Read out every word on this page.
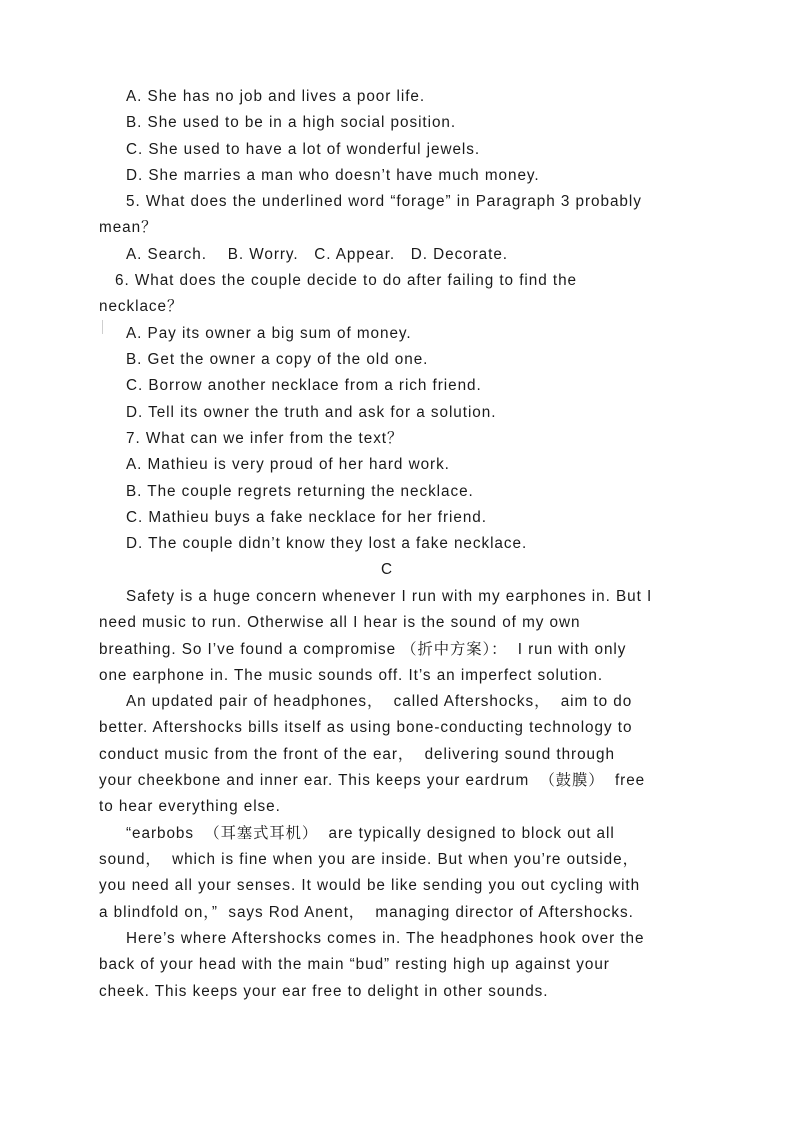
A. She has no job and lives a poor life.
B. She used to be in a high social position.
C. She used to have a lot of wonderful jewels.
D. She marries a man who doesn’t have much money.
5. What does the underlined word “forage” in Paragraph 3 probably
mean？
A. Search.    B. Worry.   C. Appear.   D. Decorate.
6. What does the couple decide to do after failing to find the
necklace？
A. Pay its owner a big sum of money.
B. Get the owner a copy of the old one.
C. Borrow another necklace from a rich friend.
D. Tell its owner the truth and ask for a solution.
7. What can we infer from the text？
A. Mathieu is very proud of her hard work.
B. The couple regrets returning the necklace.
C. Mathieu buys a fake necklace for her friend.
D. The couple didn’t know they lost a fake necklace.
C
Safety is a huge concern whenever I run with my earphones in. But I
need music to run. Otherwise all I hear is the sound of my own
breathing. So I’ve found a compromise （折中方案）：  I run with only
one earphone in. The music sounds off. It’s an imperfect solution.
An updated pair of headphones，  called Aftershocks，  aim to do
better. Aftershocks bills itself as using bone-conducting technology to
conduct music from the front of the ear，  delivering sound through
your cheekbone and inner ear. This keeps your eardrum  （鼓膜）  free
to hear everything else.
“earbobs  （耳塞式耳机）  are typically designed to block out all
sound，  which is fine when you are inside. But when you’re outside，
you need all your senses. It would be like sending you out cycling with
a blindfold on，”  says Rod Anent，  managing director of Aftershocks.
Here’s where Aftershocks comes in. The headphones hook over the
back of your head with the main “bud” resting high up against your
cheek. This keeps your ear free to delight in other sounds.
